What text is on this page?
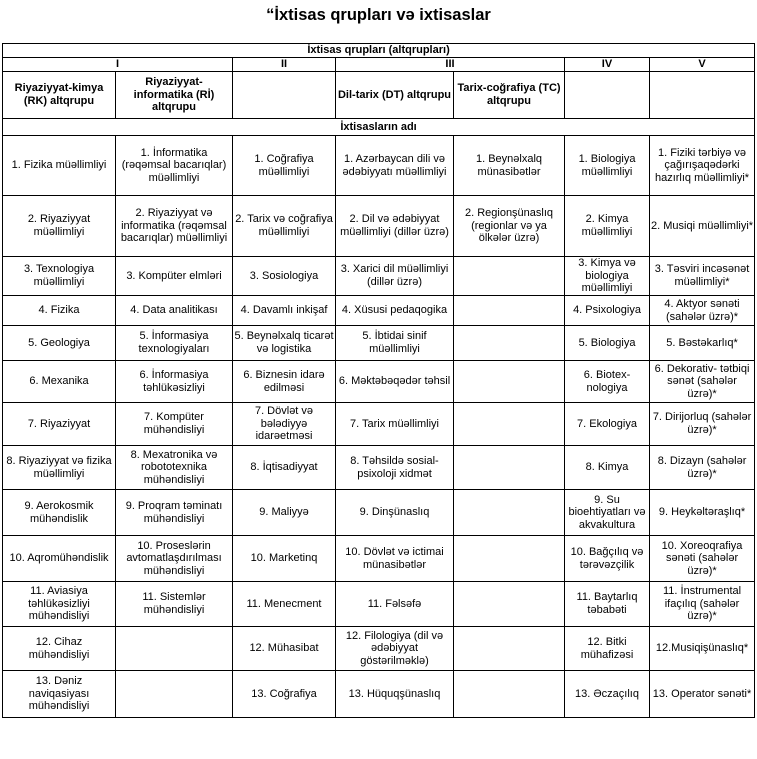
“İxtisas qrupları və ixtisaslar
İxtisas qrupları (altqrupları)						
I		II	III		IV	V
Riyaziyyat-kimya (RK) altqrupu	Riyaziyyat-informatika (Rİ) altqrupu		Dil-tarix (DT) altqrupu	Tarix-coğrafiya (TC) altqrupu		
İxtisasların adı						
1. Fizika müəllimliyi	1. İnformatika (rəqəmsal bacarıqlar) müəllimliyi	1. Coğrafiya müəllimliyi	1. Azərbaycan dili və ədəbiyyatı müəllimliyi	1. Beynəlxalq münasibətlər	1. Biologiya müəllimliyi	1. Fiziki tərbiyə və çağırışaqədərki hazırlıq müəllimliyi*
2. Riyaziyyat müəllimliyi	2. Riyaziyyat və informatika (rəqəmsal bacarıqlar) müəllimliyi	2. Tarix və coğrafiya müəllimliyi	2. Dil və ədəbiyyat müəllimliyi (dillər üzrə)	2. Regionşünaslıq (regionlar və ya ölkələr üzrə)	2. Kimya müəllimliyi	2. Musiqi müəllimliyi*
3. Texnologiya müəllimliyi	3. Kompüter elmləri	3. Sosiologiya	3. Xarici dil müəllimliyi (dillər üzrə)		3. Kimya və biologiya müəllimliyi	3. Təsviri incəsənət müəllimliyi*
4. Fizika	4. Data analitikası	4. Davamlı inkişaf	4. Xüsusi pedaqogika		4. Psixologiya	4. Aktyor sənəti (sahələr üzrə)*
5. Geologiya	5. İnformasiya texnologiyaları	5. Beynəlxalq ticarət və logistika	5. İbtidai sinif müəllimliyi		5. Biologiya	5. Bəstəkarlıq*
6. Mexanika	6. İnformasiya təhlükəsizliyi	6. Biznesin idarə edilməsi	6. Məktəbəqədər təhsil		6. Biotex- nologiya	6. Dekorativ- tətbiqi sənət (sahələr üzrə)*
7. Riyaziyyat	7. Kompüter mühəndisliyi	7. Dövlət və bələdiyyə idarəetməsi	7. Tarix müəllimliyi		7. Ekologiya	7. Dirijorluq (sahələr üzrə)*
8. Riyaziyyat və fizika müəllimliyi	8. Mexatronika və robototexnika mühəndisliyi	8. İqtisadiyyat	8. Təhsildə sosial- psixoloji xidmət		8. Kimya	8. Dizayn (sahələr üzrə)*
9. Aerokosmik mühəndislik	9. Proqram təminatı mühəndisliyi	9. Maliyyə	9. Dinşünaslıq		9. Su bioehtiyatları və akvakultura	9. Heykəltəraşlıq*
10. Aqromühəndislik	10. Proseslərin avtomatlaşdırılması mühəndisliyi	10. Marketinq	10. Dövlət və ictimai münasibətlər		10. Bağçılıq və tərəvəzçilik	10. Xoreoqrafiya sənəti (sahələr üzrə)*
11. Aviasiya təhlükəsizliyi mühəndisliyi	11. Sistemlər mühəndisliyi	11. Menecment	11. Fəlsəfə		11. Baytarlıq təbabəti	11. İnstrumental ifaçılıq (sahələr üzrə)*
12. Cihaz mühəndisliyi		12. Mühasibat	12. Filologiya (dil və ədəbiyyat göstərilməklə)		12. Bitki mühafizəsi	12.Musiqişünaslıq*
13. Dəniz naviqasiyası mühəndisliyi		13. Coğrafiya	13. Hüquqşünaslıq		13. Əczaçılıq	13. Operator sənəti*
